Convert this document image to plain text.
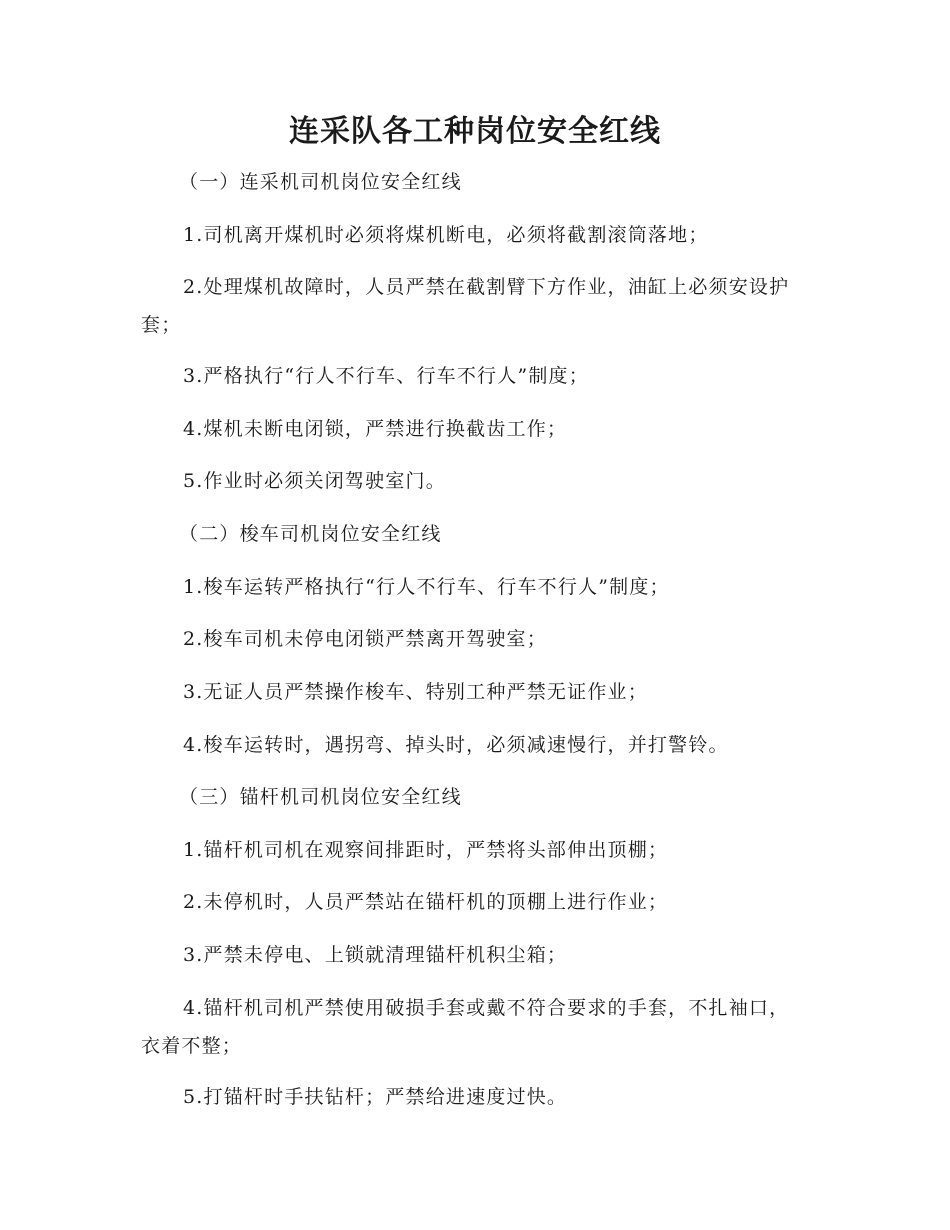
连采队各工种岗位安全红线

（一）连采机司机岗位安全红线

1.司机离开煤机时必须将煤机断电，必须将截割滚筒落地；

2.处理煤机故障时，人员严禁在截割臂下方作业，油缸上必须安设护套；

3.严格执行“行人不行车、行车不行人”制度；

4.煤机未断电闭锁，严禁进行换截齿工作；

5.作业时必须关闭驾驶室门。

（二）梭车司机岗位安全红线

1.梭车运转严格执行“行人不行车、行车不行人”制度；

2.梭车司机未停电闭锁严禁离开驾驶室；

3.无证人员严禁操作梭车、特别工种严禁无证作业；

4.梭车运转时，遇拐弯、掉头时，必须减速慢行，并打警铃。

（三）锚杆机司机岗位安全红线

1.锚杆机司机在观察间排距时，严禁将头部伸出顶棚；

2.未停机时，人员严禁站在锚杆机的顶棚上进行作业；

3.严禁未停电、上锁就清理锚杆机积尘箱；

4.锚杆机司机严禁使用破损手套或戴不符合要求的手套，不扎袖口，衣着不整；

5.打锚杆时手扶钻杆；严禁给进速度过快。
